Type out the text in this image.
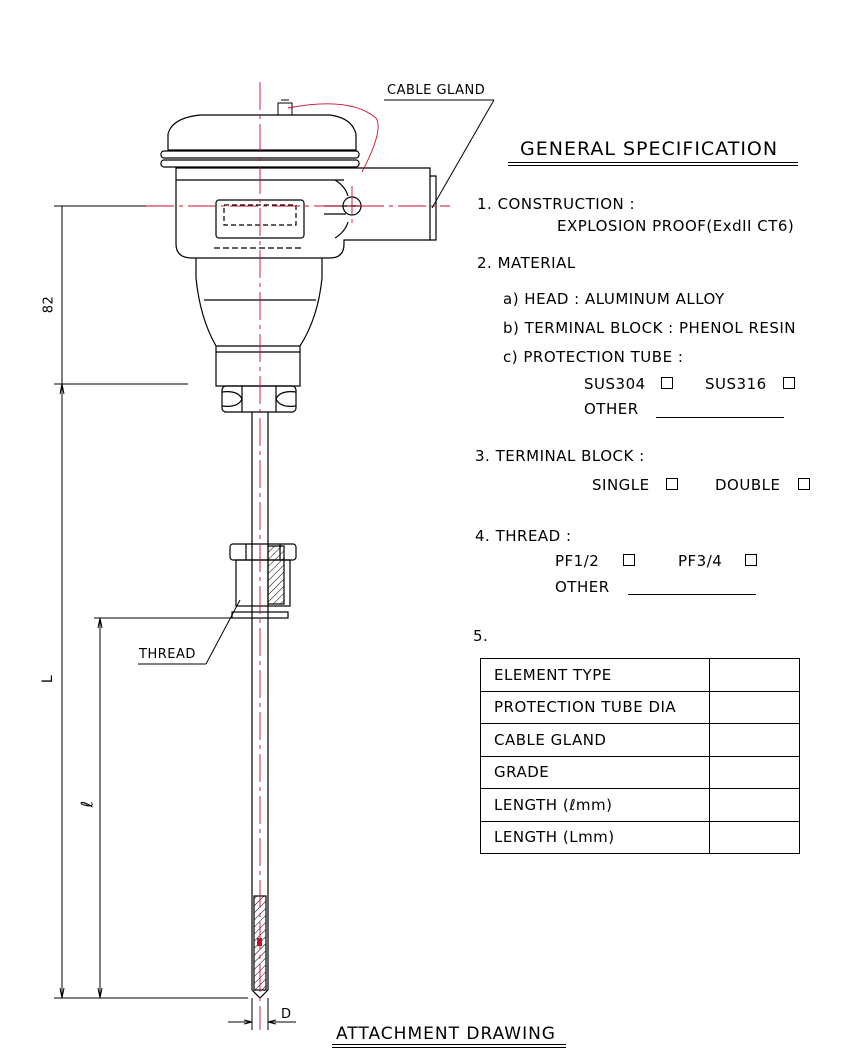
CABLE GLAND
THREAD
82
L
ℓ
D
GENERAL SPECIFICATION
1. CONSTRUCTION :
EXPLOSION PROOF(ExdII CT6)
2. MATERIAL
a) HEAD : ALUMINUM ALLOY
b) TERMINAL BLOCK : PHENOL RESIN
c) PROTECTION TUBE :
SUS304	SUS316
OTHER
3. TERMINAL BLOCK :
SINGLE	DOUBLE
4. THREAD :
PF1/2	PF3/4
OTHER
5.
ELEMENT TYPE	
PROTECTION TUBE DIA	
CABLE GLAND	
GRADE	
LENGTH (ℓmm)	
LENGTH (Lmm)	
ATTACHMENT DRAWING
